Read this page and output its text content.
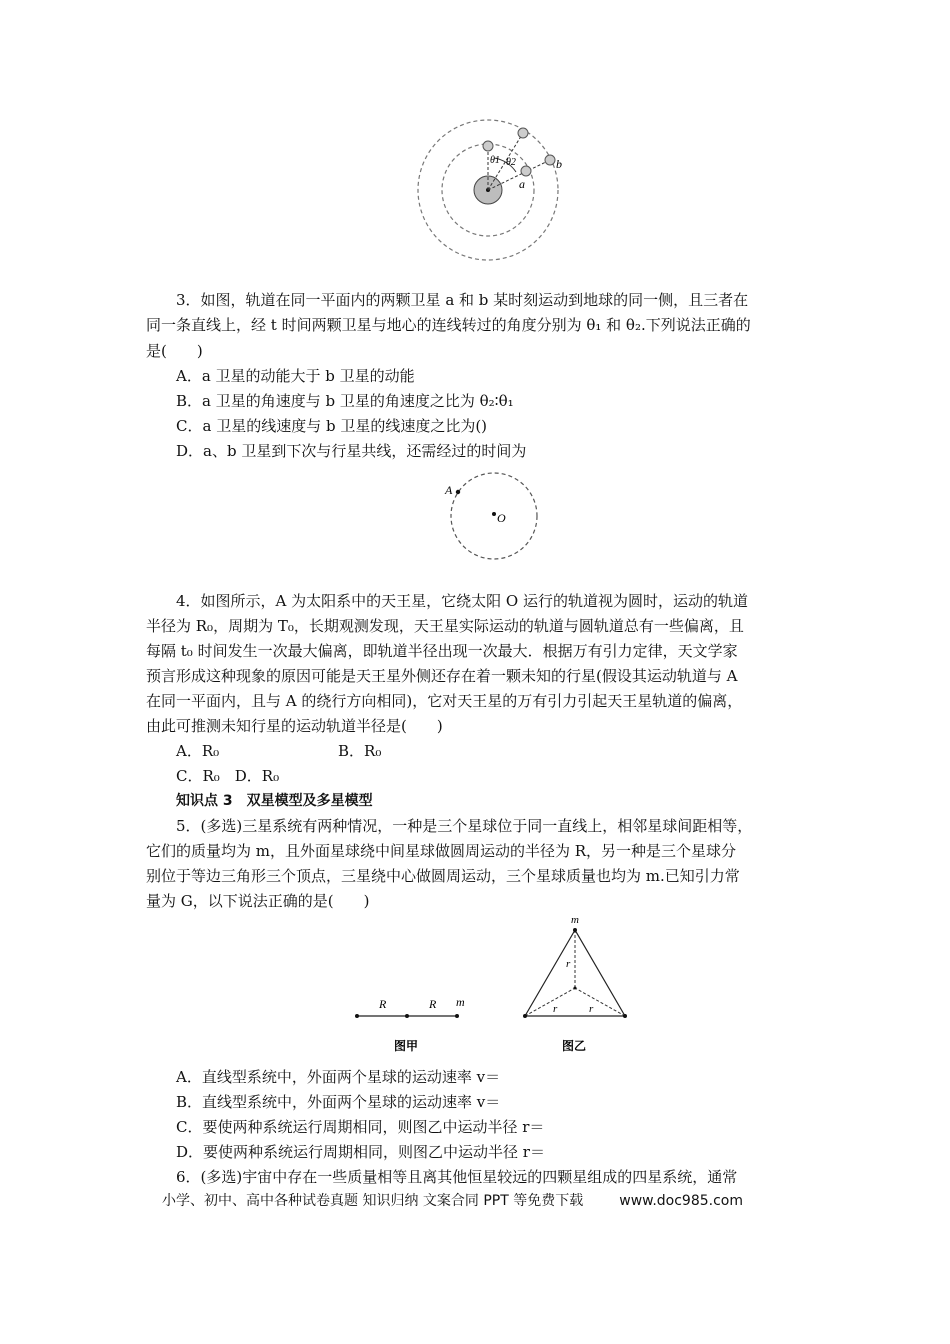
θ1 θ2
a
b
3．如图，轨道在同一平面内的两颗卫星 a 和 b 某时刻运动到地球的同一侧，且三者在
同一条直线上，经 t 时间两颗卫星与地心的连线转过的角度分别为 θ₁ 和 θ₂.下列说法正确的
是(　　)
A．a 卫星的动能大于 b 卫星的动能
B．a 卫星的角速度与 b 卫星的角速度之比为 θ₂∶θ₁
C．a 卫星的线速度与 b 卫星的线速度之比为()
D．a、b 卫星到下次与行星共线，还需经过的时间为
A
O
4．如图所示，A 为太阳系中的天王星，它绕太阳 O 运行的轨道视为圆时，运动的轨道
半径为 R₀，周期为 T₀，长期观测发现，天王星实际运动的轨道与圆轨道总有一些偏离，且
每隔 t₀ 时间发生一次最大偏离，即轨道半径出现一次最大．根据万有引力定律，天文学家
预言形成这种现象的原因可能是天王星外侧还存在着一颗未知的行星(假设其运动轨道与 A
在同一平面内，且与 A 的绕行方向相同)，它对天王星的万有引力引起天王星轨道的偏离，
由此可推测未知行星的运动轨道半径是(　　)
A．R₀	B．R₀
C．R₀　D．R₀
知识点 3　双星模型及多星模型
5．(多选)三星系统有两种情况，一种是三个星球位于同一直线上，相邻星球间距相等，
它们的质量均为 m，且外面星球绕中间星球做圆周运动的半径为 R，另一种是三个星球分
别位于等边三角形三个顶点，三星绕中心做圆周运动，三个星球质量也均为 m.已知引力常
量为 G，以下说法正确的是(　　)
R	R m
图甲
m
r
r	r
图乙
A．直线型系统中，外面两个星球的运动速率 v＝
B．直线型系统中，外面两个星球的运动速率 v＝
C．要使两种系统运行周期相同，则图乙中运动半径 r＝
D．要使两种系统运行周期相同，则图乙中运动半径 r＝
6．(多选)宇宙中存在一些质量相等且离其他恒星较远的四颗星组成的四星系统，通常
小学、初中、高中各种试卷真题 知识归纳 文案合同 PPT 等免费下载	www.doc985.com
